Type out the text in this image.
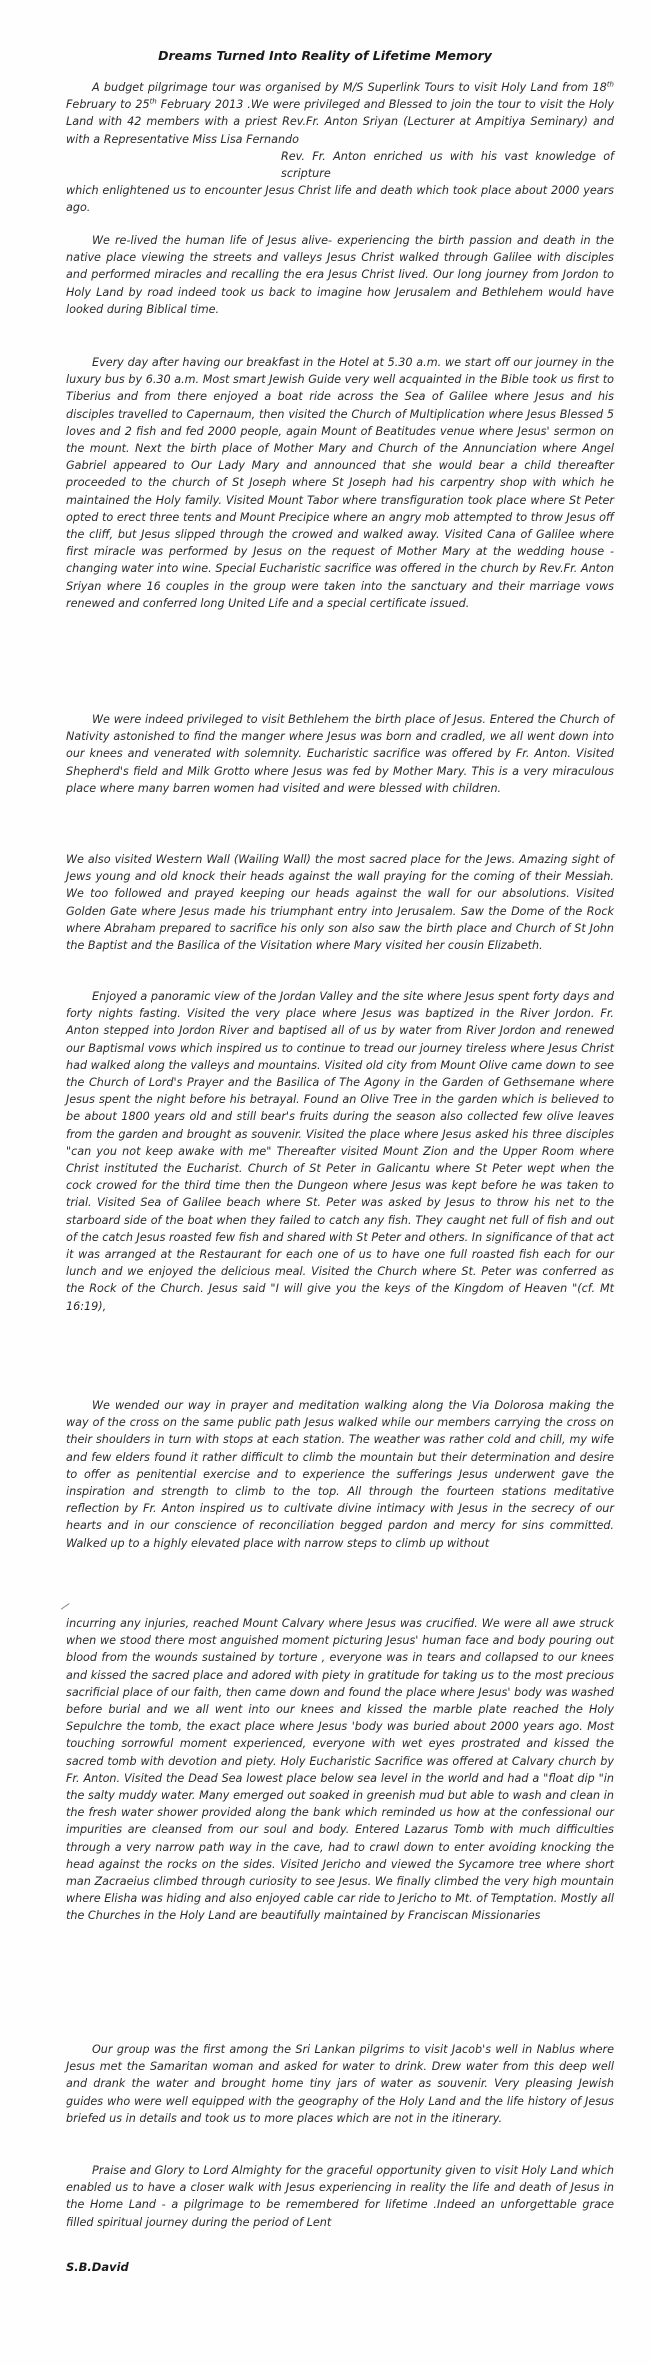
Dreams Turned Into Reality of Lifetime Memory

A budget pilgrimage tour was organised by M/S Superlink Tours to visit Holy Land from 18th February to 25th February 2013 .We were privileged and Blessed to join the tour to visit the Holy Land with 42 members with a priest Rev.Fr. Anton Sriyan (Lecturer at Ampitiya Seminary) and with a Representative Miss Lisa Fernando

Rev. Fr. Anton enriched us with his vast knowledge of scripture

which enlightened us to encounter Jesus Christ life and death which took place about 2000 years ago.

We re-lived the human life of Jesus alive- experiencing the birth passion and death in the native place viewing the streets and valleys Jesus Christ walked through Galilee with disciples and performed miracles and recalling the era Jesus Christ lived. Our long journey from Jordon to Holy Land by road indeed took us back to imagine how Jerusalem and Bethlehem would have looked during Biblical time.

Every day after having our breakfast in the Hotel at 5.30 a.m. we start off our journey in the luxury bus by 6.30 a.m. Most smart Jewish Guide very well acquainted in the Bible took us first to Tiberius and from there enjoyed a boat ride across the Sea of Galilee where Jesus and his disciples travelled to Capernaum, then visited the Church of Multiplication where Jesus Blessed 5 loves and 2 fish and fed 2000 people, again Mount of Beatitudes venue where Jesus' sermon on the mount. Next the birth place of Mother Mary and Church of the Annunciation where Angel Gabriel appeared to Our Lady Mary and announced that she would bear a child thereafter proceeded to the church of St Joseph where St Joseph had his carpentry shop with which he maintained the Holy family. Visited Mount Tabor where transfiguration took place where St Peter opted to erect three tents and Mount Precipice where an angry mob attempted to throw Jesus off the cliff, but Jesus slipped through the crowed and walked away. Visited Cana of Galilee where first miracle was performed by Jesus on the request of Mother Mary at the wedding house - changing water into wine. Special Eucharistic sacrifice was offered in the church by Rev.Fr. Anton Sriyan where 16 couples in the group were taken into the sanctuary and their marriage vows renewed and conferred long United Life and a special certificate issued.

We were indeed privileged to visit Bethlehem the birth place of Jesus. Entered the Church of Nativity astonished to find the manger where Jesus was born and cradled, we all went down into our knees and venerated with solemnity. Eucharistic sacrifice was offered by Fr. Anton. Visited Shepherd's field and Milk Grotto where Jesus was fed by Mother Mary. This is a very miraculous place where many barren women had visited and were blessed with children.

We also visited Western Wall (Wailing Wall) the most sacred place for the Jews. Amazing sight of Jews young and old knock their heads against the wall praying for the coming of their Messiah. We too followed and prayed keeping our heads against the wall for our absolutions. Visited Golden Gate where Jesus made his triumphant entry into Jerusalem. Saw the Dome of the Rock where Abraham prepared to sacrifice his only son also saw the birth place and Church of St John the Baptist and the Basilica of the Visitation where Mary visited her cousin Elizabeth.

Enjoyed a panoramic view of the Jordan Valley and the site where Jesus spent forty days and forty nights fasting. Visited the very place where Jesus was baptized in the River Jordon. Fr. Anton stepped into Jordon River and baptised all of us by water from River Jordon and renewed our Baptismal vows which inspired us to continue to tread our journey tireless where Jesus Christ had walked along the valleys and mountains. Visited old city from Mount Olive came down to see the Church of Lord's Prayer and the Basilica of The Agony in the Garden of Gethsemane where Jesus spent the night before his betrayal. Found an Olive Tree in the garden which is believed to be about 1800 years old and still bear's fruits during the season also collected few olive leaves from the garden and brought as souvenir. Visited the place where Jesus asked his three disciples "can you not keep awake with me" Thereafter visited Mount Zion and the Upper Room where Christ instituted the Eucharist. Church of St Peter in Galicantu where St Peter wept when the cock crowed for the third time then the Dungeon where Jesus was kept before he was taken to trial. Visited Sea of Galilee beach where St. Peter was asked by Jesus to throw his net to the starboard side of the boat when they failed to catch any fish. They caught net full of fish and out of the catch Jesus roasted few fish and shared with St Peter and others. In significance of that act it was arranged at the Restaurant for each one of us to have one full roasted fish each for our lunch and we enjoyed the delicious meal. Visited the Church where St. Peter was conferred as the Rock of the Church. Jesus said "I will give you the keys of the Kingdom of Heaven "(cf. Mt 16:19),

We wended our way in prayer and meditation walking along the Via Dolorosa making the way of the cross on the same public path Jesus walked while our members carrying the cross on their shoulders in turn with stops at each station. The weather was rather cold and chill, my wife and few elders found it rather difficult to climb the mountain but their determination and desire to offer as penitential exercise and to experience the sufferings Jesus underwent gave the inspiration and strength to climb to the top. All through the fourteen stations meditative reflection by Fr. Anton inspired us to cultivate divine intimacy with Jesus in the secrecy of our hearts and in our conscience of reconciliation begged pardon and mercy for sins committed. Walked up to a highly elevated place with narrow steps to climb up without

incurring any injuries, reached Mount Calvary where Jesus was crucified. We were all awe struck when we stood there most anguished moment picturing Jesus' human face and body pouring out blood from the wounds sustained by torture , everyone was in tears and collapsed to our knees and kissed the sacred place and adored with piety in gratitude for taking us to the most precious sacrificial place of our faith, then came down and found the place where Jesus' body was washed before burial and we all went into our knees and kissed the marble plate reached the Holy Sepulchre the tomb, the exact place where Jesus 'body was buried about 2000 years ago. Most touching sorrowful moment experienced, everyone with wet eyes prostrated and kissed the sacred tomb with devotion and piety. Holy Eucharistic Sacrifice was offered at Calvary church by Fr. Anton. Visited the Dead Sea lowest place below sea level in the world and had a "float dip "in the salty muddy water. Many emerged out soaked in greenish mud but able to wash and clean in the fresh water shower provided along the bank which reminded us how at the confessional our impurities are cleansed from our soul and body. Entered Lazarus Tomb with much difficulties through a very narrow path way in the cave, had to crawl down to enter avoiding knocking the head against the rocks on the sides. Visited Jericho and viewed the Sycamore tree where short man Zacraeius climbed through curiosity to see Jesus. We finally climbed the very high mountain where Elisha was hiding and also enjoyed cable car ride to Jericho to Mt. of Temptation. Mostly all the Churches in the Holy Land are beautifully maintained by Franciscan Missionaries

Our group was the first among the Sri Lankan pilgrims to visit Jacob's well in Nablus where Jesus met the Samaritan woman and asked for water to drink. Drew water from this deep well and drank the water and brought home tiny jars of water as souvenir. Very pleasing Jewish guides who were well equipped with the geography of the Holy Land and the life history of Jesus briefed us in details and took us to more places which are not in the itinerary.

Praise and Glory to Lord Almighty for the graceful opportunity given to visit Holy Land which enabled us to have a closer walk with Jesus experiencing in reality the life and death of Jesus in the Home Land - a pilgrimage to be remembered for lifetime .Indeed an unforgettable grace filled spiritual journey during the period of Lent

S.B.David
